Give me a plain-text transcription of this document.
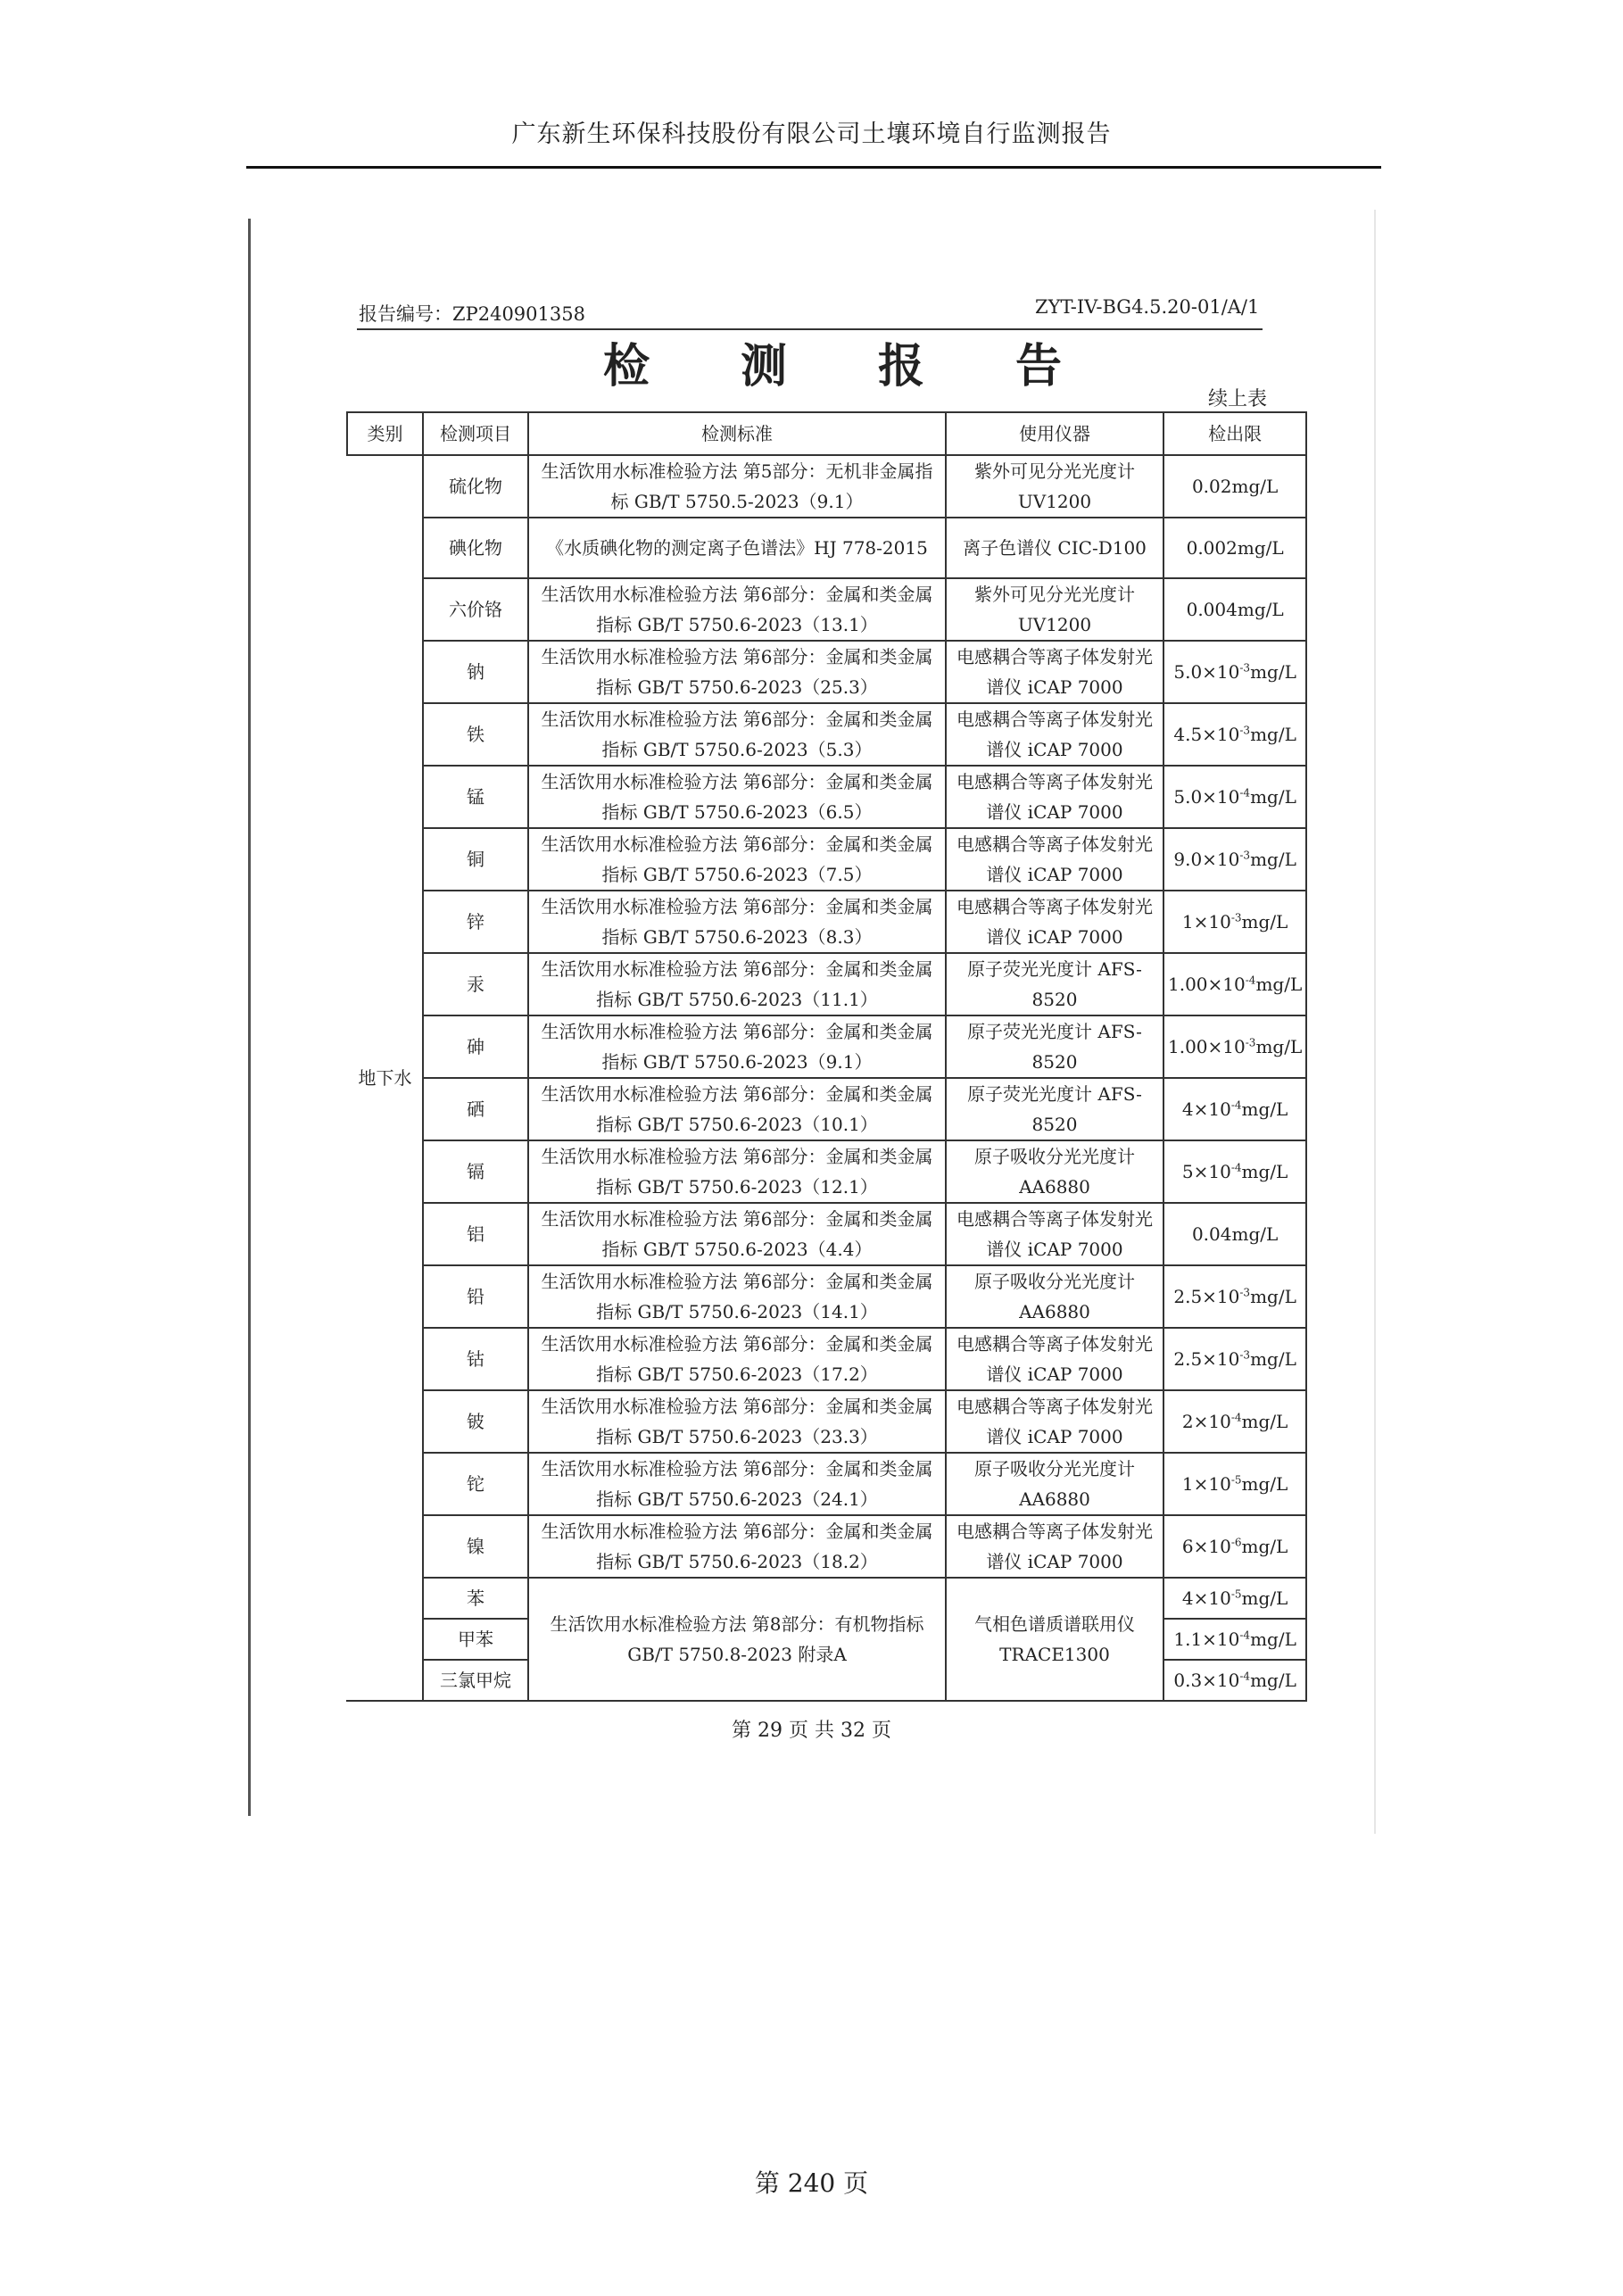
广东新生环保科技股份有限公司土壤环境自行监测报告
报告编号：ZP240901358	ZYT-IV-BG4.5.20-01/A/1
检测报告
续上表
类别	检测项目	检测标准	使用仪器	检出限
地下水	硫化物	生活饮用水标准检验方法 第5部分：无机非金属指标 GB/T 5750.5-2023（9.1）	紫外可见分光光度计 UV1200	0.02mg/L
	碘化物	《水质碘化物的测定离子色谱法》HJ 778-2015	离子色谱仪 CIC-D100	0.002mg/L
	六价铬	生活饮用水标准检验方法 第6部分：金属和类金属指标 GB/T 5750.6-2023（13.1）	紫外可见分光光度计 UV1200	0.004mg/L
	钠	生活饮用水标准检验方法 第6部分：金属和类金属指标 GB/T 5750.6-2023（25.3）	电感耦合等离子体发射光谱仪 iCAP 7000	$5.0\times 10^{-3}mg/L$
	铁	生活饮用水标准检验方法 第6部分：金属和类金属指标 GB/T 5750.6-2023（5.3）	电感耦合等离子体发射光谱仪 iCAP 7000	$4.5\times 10^{-3}mg/L$
	锰	生活饮用水标准检验方法 第6部分：金属和类金属指标 GB/T 5750.6-2023（6.5）	电感耦合等离子体发射光谱仪 iCAP 7000	$5.0\times 10^{-4}mg/L$
	铜	生活饮用水标准检验方法 第6部分：金属和类金属指标 GB/T 5750.6-2023（7.5）	电感耦合等离子体发射光谱仪 iCAP 7000	$9.0\times 10^{-3}mg/L$
	锌	生活饮用水标准检验方法 第6部分：金属和类金属指标 GB/T 5750.6-2023（8.3）	电感耦合等离子体发射光谱仪 iCAP 7000	$1\times 10^{-3}mg/L$
	汞	生活饮用水标准检验方法 第6部分：金属和类金属指标 GB/T 5750.6-2023（11.1）	原子荧光光度计 AFS-8520	$1.00\times 10^{-4}mg/L$
	砷	生活饮用水标准检验方法 第6部分：金属和类金属指标 GB/T 5750.6-2023（9.1）	原子荧光光度计 AFS-8520	$1.00\times 10^{-3}mg/L$
	硒	生活饮用水标准检验方法 第6部分：金属和类金属指标 GB/T 5750.6-2023（10.1）	原子荧光光度计 AFS-8520	$4\times 10^{-4}mg/L$
	镉	生活饮用水标准检验方法 第6部分：金属和类金属指标 GB/T 5750.6-2023（12.1）	原子吸收分光光度计 AA6880	$5\times 10^{-4}mg/L$
	铝	生活饮用水标准检验方法 第6部分：金属和类金属指标 GB/T 5750.6-2023（4.4）	电感耦合等离子体发射光谱仪 iCAP 7000	0.04mg/L
	铅	生活饮用水标准检验方法 第6部分：金属和类金属指标 GB/T 5750.6-2023（14.1）	原子吸收分光光度计 AA6880	$2.5\times 10^{-3}mg/L$
	钴	生活饮用水标准检验方法 第6部分：金属和类金属指标 GB/T 5750.6-2023（17.2）	电感耦合等离子体发射光谱仪 iCAP 7000	$2.5\times 10^{-3}mg/L$
	铍	生活饮用水标准检验方法 第6部分：金属和类金属指标 GB/T 5750.6-2023（23.3）	电感耦合等离子体发射光谱仪 iCAP 7000	$2\times 10^{-4}mg/L$
	铊	生活饮用水标准检验方法 第6部分：金属和类金属指标 GB/T 5750.6-2023（24.1）	原子吸收分光光度计 AA6880	$1\times 10^{-5}mg/L$
	镍	生活饮用水标准检验方法 第6部分：金属和类金属指标 GB/T 5750.6-2023（18.2）	电感耦合等离子体发射光谱仪 iCAP 7000	$6\times 10^{-6}mg/L$
	苯	生活饮用水标准检验方法 第8部分：有机物指标 GB/T 5750.8-2023 附录A	气相色谱质谱联用仪 TRACE1300	$4\times 10^{-5}mg/L$
	甲苯			$1.1\times 10^{-4}mg/L$
	三氯甲烷			$0.3\times 10^{-4}mg/L$
第 29 页 共 32 页
第 240 页
